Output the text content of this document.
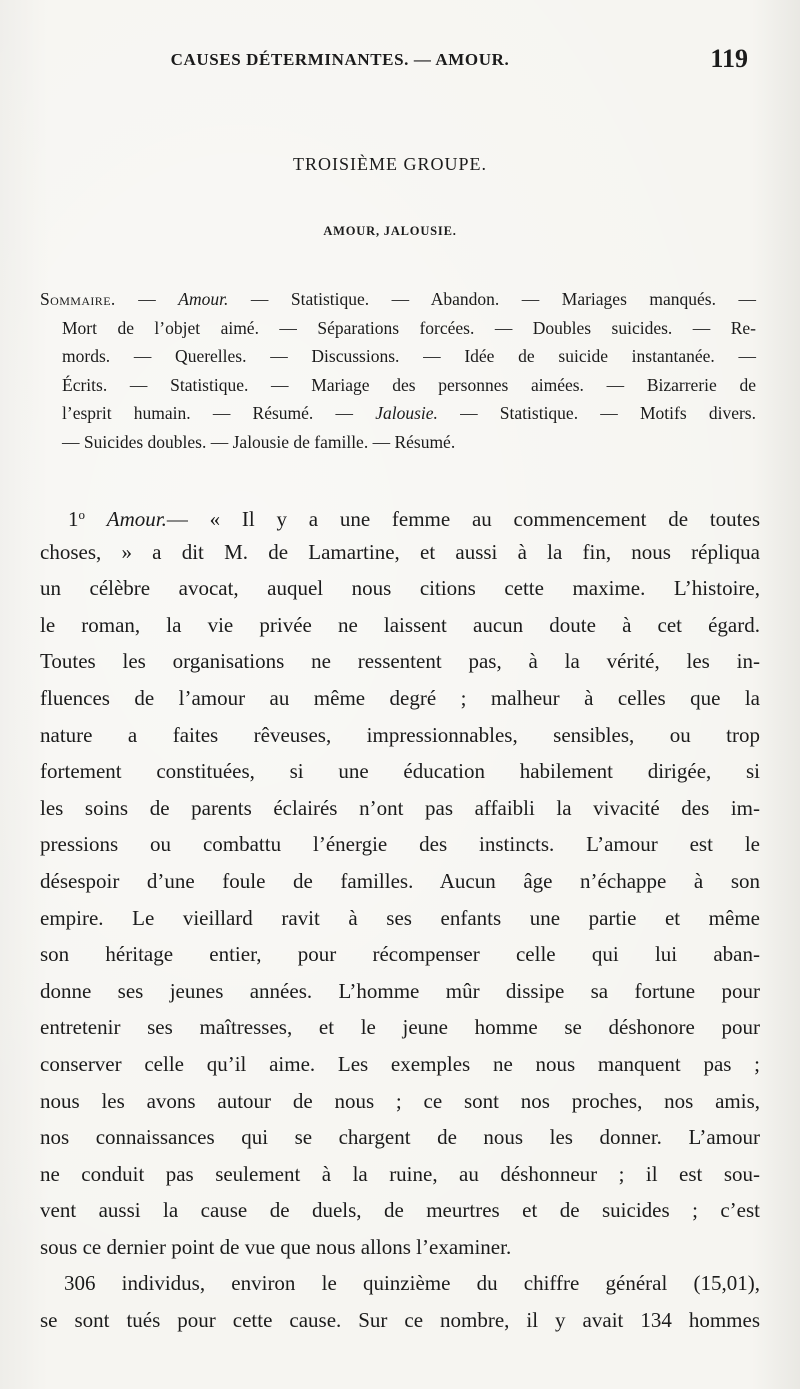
CAUSES DÉTERMINANTES. — AMOUR.	119
TROISIÈME GROUPE.
AMOUR, JALOUSIE.
Sommaire. — Amour. — Statistique. — Abandon. — Mariages manqués. —
Mort de l’objet aimé. — Séparations forcées. — Doubles suicides. — Re-
mords. — Querelles. — Discussions. — Idée de suicide instantanée. —
Écrits. — Statistique. — Mariage des personnes aimées. — Bizarrerie de
l’esprit humain. — Résumé. — Jalousie. — Statistique. — Motifs divers.
— Suicides doubles. — Jalousie de famille. — Résumé.
1$^o$ Amour.— « Il y a une femme au commencement de toutes
choses, » a dit M. de Lamartine, et aussi à la fin, nous répliqua
un célèbre avocat, auquel nous citions cette maxime. L’histoire,
le roman, la vie privée ne laissent aucun doute à cet égard.
Toutes les organisations ne ressentent pas, à la vérité, les in-
fluences de l’amour au même degré ; malheur à celles que la
nature a faites rêveuses, impressionnables, sensibles, ou trop
fortement constituées, si une éducation habilement dirigée, si
les soins de parents éclairés n’ont pas affaibli la vivacité des im-
pressions ou combattu l’énergie des instincts. L’amour est le
désespoir d’une foule de familles. Aucun âge n’échappe à son
empire. Le vieillard ravit à ses enfants une partie et même
son héritage entier, pour récompenser celle qui lui aban-
donne ses jeunes années. L’homme mûr dissipe sa fortune pour
entretenir ses maîtresses, et le jeune homme se déshonore pour
conserver celle qu’il aime. Les exemples ne nous manquent pas ;
nous les avons autour de nous ; ce sont nos proches, nos amis,
nos connaissances qui se chargent de nous les donner. L’amour
ne conduit pas seulement à la ruine, au déshonneur ; il est sou-
vent aussi la cause de duels, de meurtres et de suicides ; c’est
sous ce dernier point de vue que nous allons l’examiner.
306 individus, environ le quinzième du chiffre général (15,01),
se sont tués pour cette cause. Sur ce nombre, il y avait 134 hommes
